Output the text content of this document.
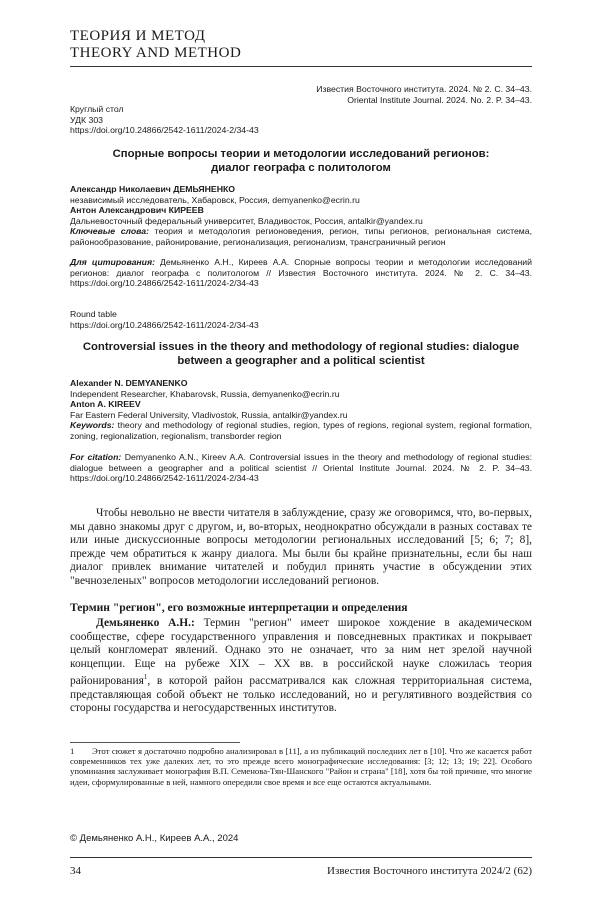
ТЕОРИЯ И МЕТОД
THEORY AND METHOD
Известия Восточного института. 2024. № 2. С. 34–43.
Oriental Institute Journal. 2024. No. 2. P. 34–43.
Круглый стол
УДК 303
https://doi.org/10.24866/2542-1611/2024-2/34-43
Спорные вопросы теории и методологии исследований регионов:
диалог географа с политологом
Александр Николаевич ДЕМЬЯНЕНКО
независимый исследователь, Хабаровск, Россия, demyanenko@ecrin.ru
Антон Александрович КИРЕЕВ
Дальневосточный федеральный университет, Владивосток, Россия, antalkir@yandex.ru
Ключевые слова: теория и методология регионоведения, регион, типы регионов, региональная система, районообразование, районирование, регионализация, регионализм, трансграничный регион
Для цитирования: Демьяненко А.Н., Киреев А.А. Спорные вопросы теории и методологии исследований регионов: диалог географа с политологом // Известия Восточного института. 2024. № 2. С. 34–43. https://doi.org/10.24866/2542-1611/2024-2/34-43
Round table
https://doi.org/10.24866/2542-1611/2024-2/34-43
Controversial issues in the theory and methodology of regional studies: dialogue
between a geographer and a political scientist
Alexander N. DEMYANENKO
Independent Researcher, Khabarovsk, Russia, demyanenko@ecrin.ru
Anton A. KIREEV
Far Eastern Federal University, Vladivostok, Russia, antalkir@yandex.ru
Keywords: theory and methodology of regional studies, region, types of regions, regional system, regional formation, zoning, regionalization, regionalism, transborder region
For citation: Demyanenko A.N., Kireev A.A. Controversial issues in the theory and methodology of regional studies: dialogue between a geographer and a political scientist // Oriental Institute Journal. 2024. № 2. P. 34–43. https://doi.org/10.24866/2542-1611/2024-2/34-43
Чтобы невольно не ввести читателя в заблуждение, сразу же оговоримся, что, во-первых, мы давно знакомы друг с другом, и, во-вторых, неоднократно обсуждали в разных составах те или иные дискуссионные вопросы методологии региональных исследований [5; 6; 7; 8], прежде чем обратиться к жанру диалога. Мы были бы крайне признательны, если бы наш диалог привлек внимание читателей и побудил принять участие в обсуждении этих "вечнозеленых" вопросов методологии исследований регионов.
Термин "регион", его возможные интерпретации и определения
Демьяненко А.Н.: Термин "регион" имеет широкое хождение в академическом сообществе, сфере государственного управления и повседневных практиках и покрывает целый конгломерат явлений. Однако это не означает, что за ним нет зрелой научной концепции. Еще на рубеже XIX – XX вв. в российской науке сложилась теория районирования$^1$, в которой район рассматривался как сложная территориальная система, представляющая собой объект не только исследований, но и регулятивного воздействия со стороны государства и негосударственных институтов.
1 Этот сюжет я достаточно подробно анализировал в [11], а из публикаций последних лет в [10]. Что же касается работ современников тех уже далеких лет, то это прежде всего монографические исследования: [3; 12; 13; 19; 22]. Особого упоминания заслуживает монография В.П. Семенова-Тян-Шанского "Район и страна" [18], хотя бы той причине, что многие идеи, сформулированные в ней, намного опередили свое время и все еще остаются актуальными.
© Демьяненко А.Н., Киреев А.А., 2024
34	Известия Восточного института 2024/2 (62)
